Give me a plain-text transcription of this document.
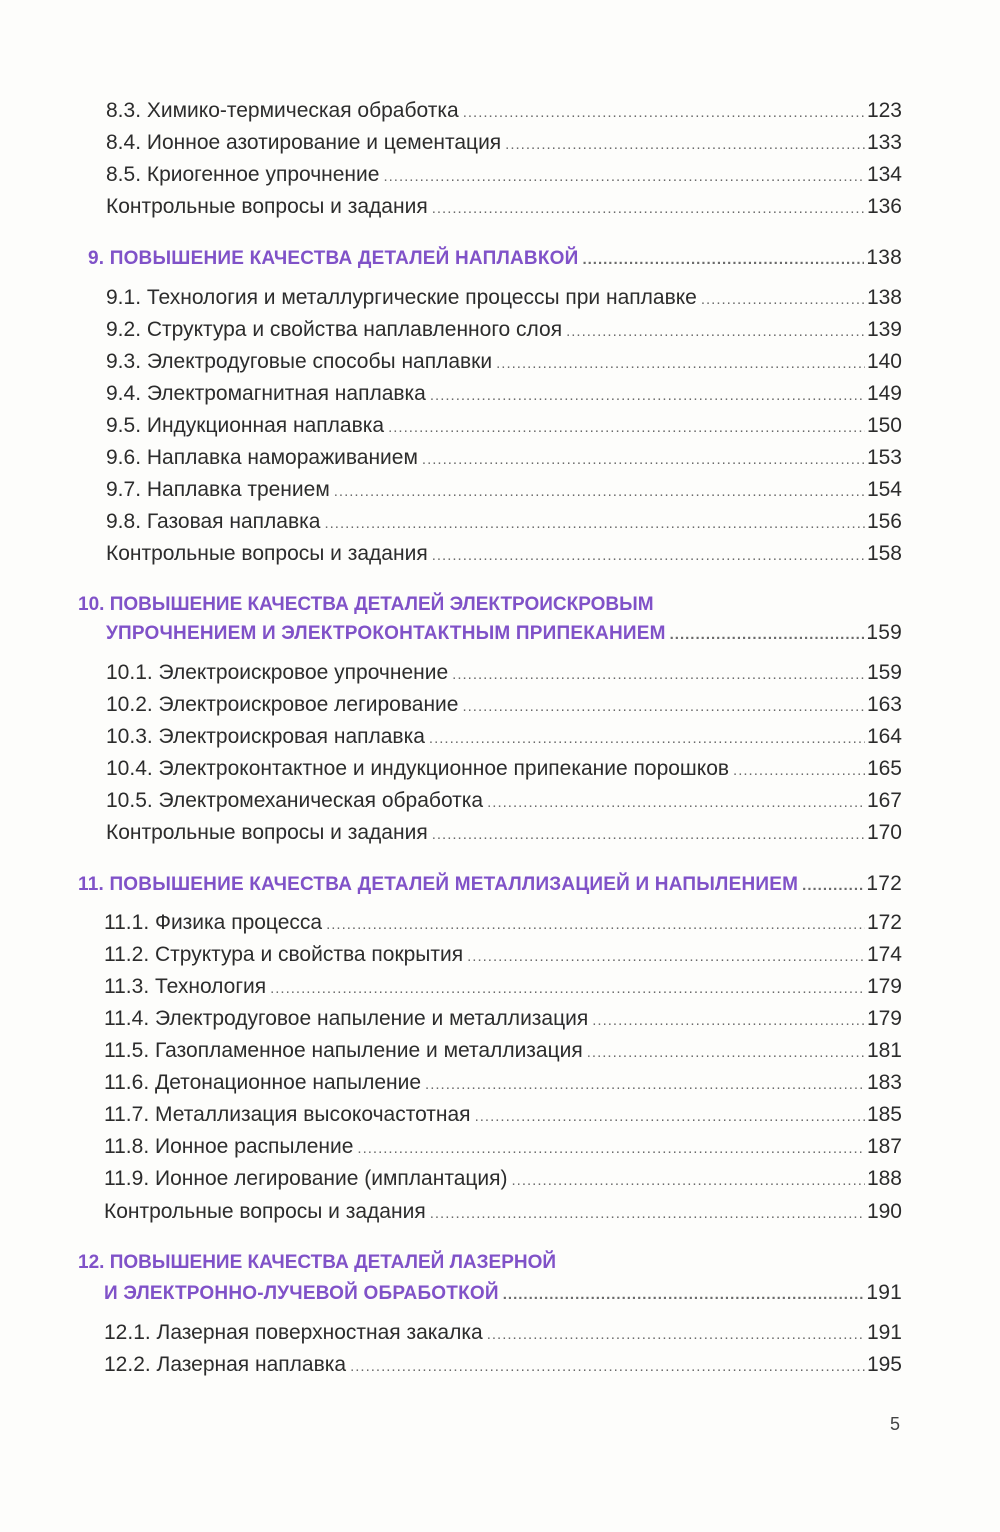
8.3. Химико-термическая обработка .....	123
8.4. Ионное азотирование и цементация .....	133
8.5. Криогенное упрочнение .....	134
Контрольные вопросы и задания .....	136
9. ПОВЫШЕНИЕ КАЧЕСТВА ДЕТАЛЕЙ НАПЛАВКОЙ .....	138
9.1. Технология и металлургические процессы при наплавке .....	138
9.2. Структура и свойства наплавленного слоя .....	139
9.3. Электродуговые способы наплавки .....	140
9.4. Электромагнитная наплавка .....	149
9.5. Индукционная наплавка .....	150
9.6. Наплавка намораживанием .....	153
9.7. Наплавка трением .....	154
9.8. Газовая наплавка .....	156
Контрольные вопросы и задания .....	158
10. ПОВЫШЕНИЕ КАЧЕСТВА ДЕТАЛЕЙ ЭЛЕКТРОИСКРОВЫМ
УПРОЧНЕНИЕМ И ЭЛЕКТРОКОНТАКТНЫМ ПРИПЕКАНИЕМ .....	159
10.1. Электроискровое упрочнение .....	159
10.2. Электроискровое легирование .....	163
10.3. Электроискровая наплавка .....	164
10.4. Электроконтактное и индукционное припекание порошков .....	165
10.5. Электромеханическая обработка .....	167
Контрольные вопросы и задания .....	170
11. ПОВЫШЕНИЕ КАЧЕСТВА ДЕТАЛЕЙ МЕТАЛЛИЗАЦИЕЙ И НАПЫЛЕНИЕМ .....	172
11.1. Физика процесса .....	172
11.2. Структура и свойства покрытия .....	174
11.3. Технология .....	179
11.4. Электродуговое напыление и металлизация .....	179
11.5. Газопламенное напыление и металлизация .....	181
11.6. Детонационное напыление .....	183
11.7. Металлизация высокочастотная .....	185
11.8. Ионное распыление .....	187
11.9. Ионное легирование (имплантация) .....	188
Контрольные вопросы и задания .....	190
12. ПОВЫШЕНИЕ КАЧЕСТВА ДЕТАЛЕЙ ЛАЗЕРНОЙ
И ЭЛЕКТРОННО-ЛУЧЕВОЙ ОБРАБОТКОЙ .....	191
12.1. Лазерная поверхностная закалка .....	191
12.2. Лазерная наплавка .....	195
5
